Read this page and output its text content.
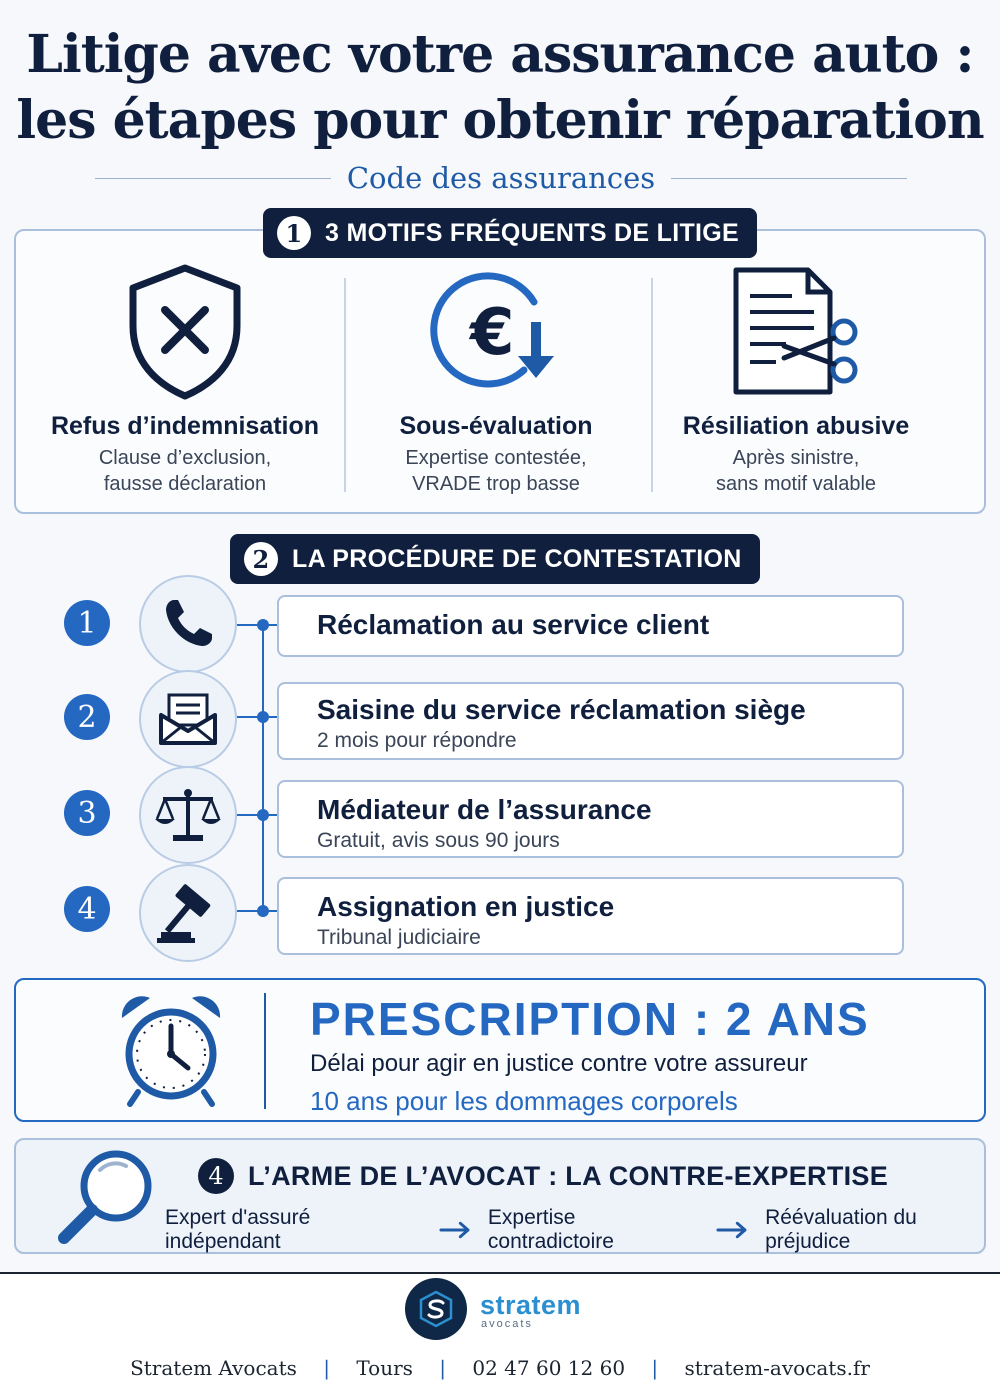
Litige avec votre assurance auto :
les étapes pour obtenir réparation
Code des assurances
1 3 MOTIFS FRÉQUENTS DE LITIGE
Refus d’indemnisation
Clause d’exclusion,
fausse déclaration
€
Sous-évaluation
Expertise contestée,
VRADE trop basse
Résiliation abusive
Après sinistre,
sans motif valable
2 LA PROCÉDURE DE CONTESTATION
1	Réclamation au service client
2	Saisine du service réclamation siège
2 mois pour répondre
3	Médiateur de l’assurance
Gratuit, avis sous 90 jours
4	Assignation en justice
Tribunal judiciaire
PRESCRIPTION : 2 ANS
Délai pour agir en justice contre votre assureur
10 ans pour les dommages corporels
4 L’ARME DE L’AVOCAT : LA CONTRE-EXPERTISE
Expert d'assuré indépendant
Expertise contradictoire
Réévaluation du préjudice
stratem
avocats
Stratem Avocats | Tours | 02 47 60 12 60 | stratem-avocats.fr
